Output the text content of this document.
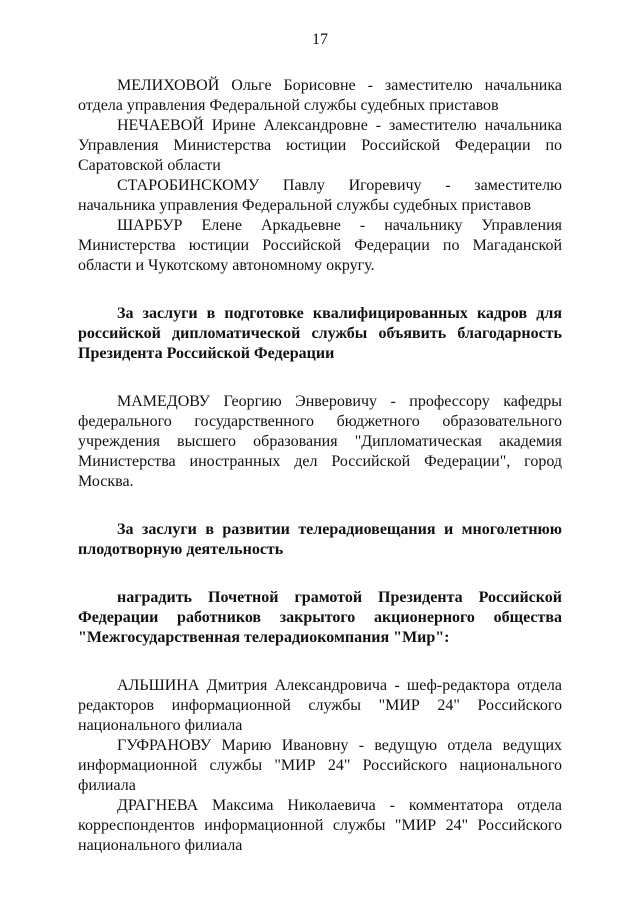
17

МЕЛИХОВОЙ Ольге Борисовне - заместителю начальника отдела управления Федеральной службы судебных приставов

НЕЧАЕВОЙ Ирине Александровне - заместителю начальника Управления Министерства юстиции Российской Федерации по Саратовской области

СТАРОБИНСКОМУ Павлу Игоревичу - заместителю начальника управления Федеральной службы судебных приставов

ШАРБУР Елене Аркадьевне - начальнику Управления Министерства юстиции Российской Федерации по Магаданской области и Чукотскому автономному округу.

За заслуги в подготовке квалифицированных кадров для российской дипломатической службы объявить благодарность Президента Российской Федерации

МАМЕДОВУ Георгию Энверовичу - профессору кафедры федерального государственного бюджетного образовательного учреждения высшего образования "Дипломатическая академия Министерства иностранных дел Российской Федерации", город Москва.

За заслуги в развитии телерадиовещания и многолетнюю плодотворную деятельность

наградить Почетной грамотой Президента Российской Федерации работников закрытого акционерного общества "Межгосударственная телерадиокомпания "Мир":

АЛЬШИНА Дмитрия Александровича - шеф-редактора отдела редакторов информационной службы "МИР 24" Российского национального филиала

ГУФРАНОВУ Марию Ивановну - ведущую отдела ведущих информационной службы "МИР 24" Российского национального филиала

ДРАГНЕВА Максима Николаевича - комментатора отдела корреспондентов информационной службы "МИР 24" Российского национального филиала
